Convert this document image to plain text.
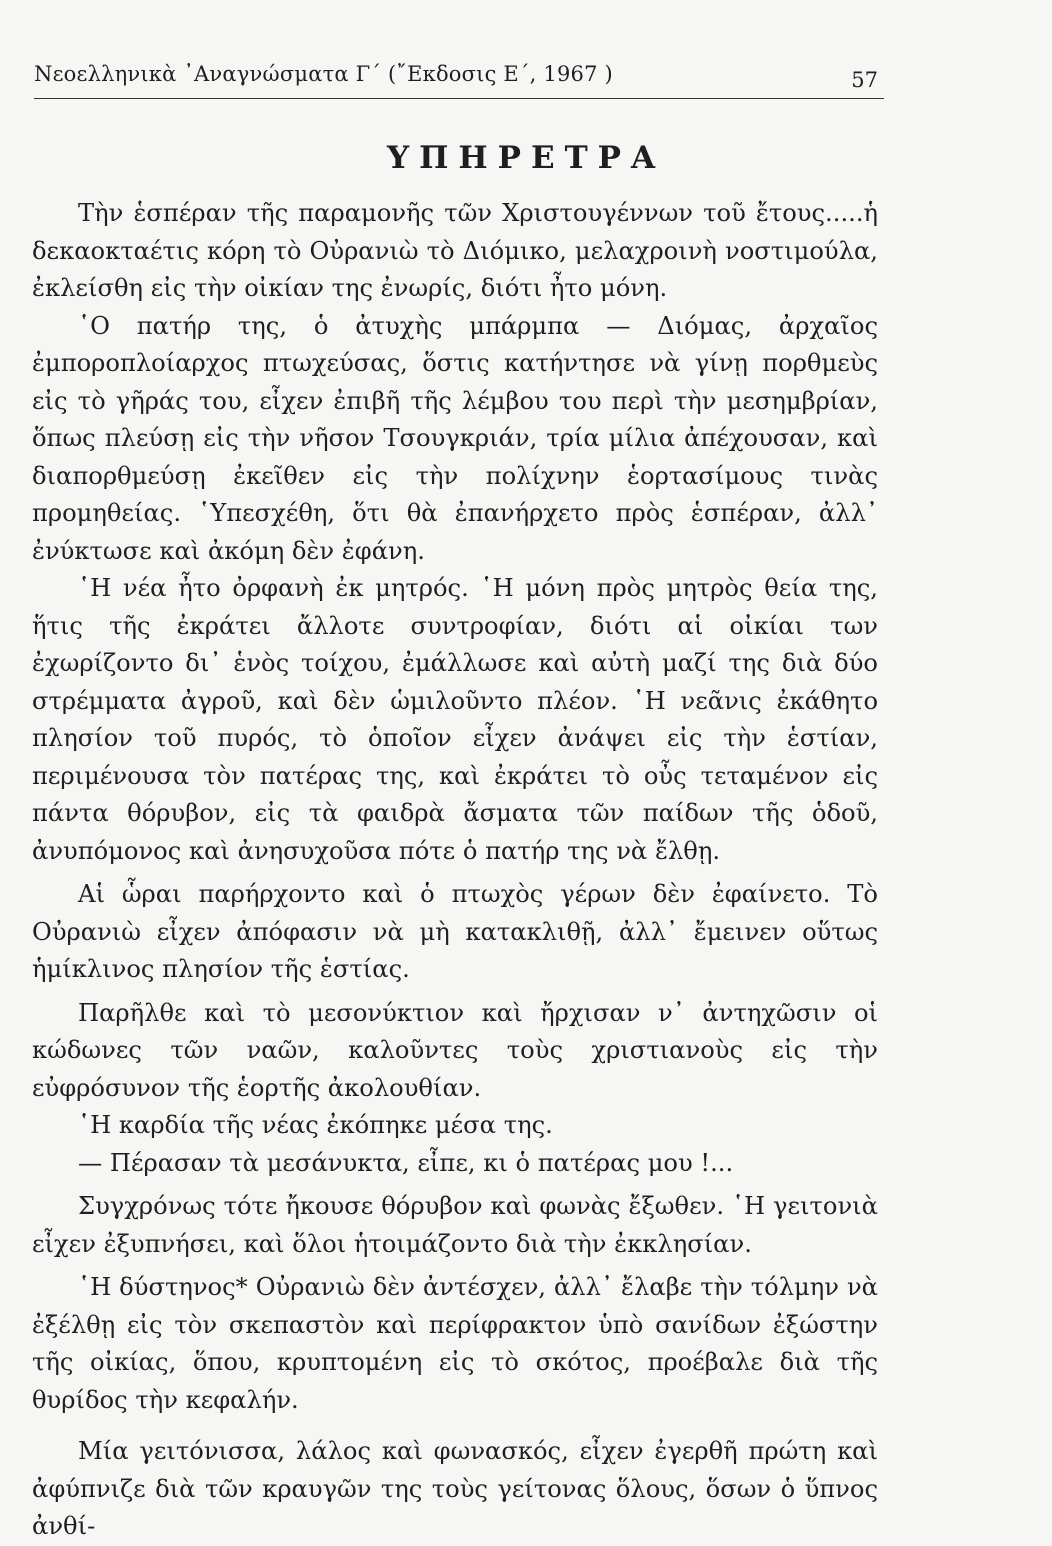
Νεοελληνικὰ ᾽Αναγνώσματα Γ΄ (῎Εκδοσις Ε΄, 1967 )	57
ΥΠΗΡΕΤΡΑ

Τὴν ἑσπέραν τῆς παραμονῆς τῶν Χριστουγέννων τοῦ ἔτους.....ἡ δεκαοκταέτις κόρη τὸ Οὐρανιὼ τὸ Διόμικο, μελαχροινὴ νοστιμούλα, ἐκλείσθη εἰς τὴν οἰκίαν της ἐνωρίς, διότι ἦτο μόνη.

῾Ο πατήρ της, ὁ ἀτυχὴς μπάρμπα — Διόμας, ἀρχαῖος ἐμποροπλοίαρχος πτωχεύσας, ὅστις κατήντησε νὰ γίνῃ πορθμεὺς εἰς τὸ γῆράς του, εἶχεν ἐπιβῆ τῆς λέμβου του περὶ τὴν μεσημβρίαν, ὅπως πλεύσῃ εἰς τὴν νῆσον Τσουγκριάν, τρία μίλια ἀπέχουσαν, καὶ διαπορθμεύσῃ ἐκεῖθεν εἰς τὴν πολίχνην ἑορτασίμους τινὰς προμηθείας. ῾Υπεσχέθη, ὅτι θὰ ἐπανήρχετο πρὸς ἑσπέραν, ἀλλ᾽ ἐνύκτωσε καὶ ἀκόμη δὲν ἐφάνη.

῾Η νέα ἦτο ὀρφανὴ ἐκ μητρός. ῾Η μόνη πρὸς μητρὸς θεία της, ἥτις τῆς ἐκράτει ἄλλοτε συντροφίαν, διότι αἱ οἰκίαι των ἐχωρίζοντο δι᾽ ἑνὸς τοίχου, ἐμάλλωσε καὶ αὐτὴ μαζί της διὰ δύο στρέμματα ἀγροῦ, καὶ δὲν ὡμιλοῦντο πλέον. ῾Η νεᾶνις ἐκάθητο πλησίον τοῦ πυρός, τὸ ὁποῖον εἶχεν ἀνάψει εἰς τὴν ἑστίαν, περιμένουσα τὸν πατέρας της, καὶ ἐκράτει τὸ οὖς τεταμένον εἰς πάντα θόρυβον, εἰς τὰ φαιδρὰ ἄσματα τῶν παίδων τῆς ὁδοῦ, ἀνυπόμονος καὶ ἀνησυχοῦσα πότε ὁ πατήρ της νὰ ἔλθῃ.

Αἱ ὧραι παρήρχοντο καὶ ὁ πτωχὸς γέρων δὲν ἐφαίνετο. Τὸ Οὐρανιὼ εἶχεν ἀπόφασιν νὰ μὴ κατακλιθῇ, ἀλλ᾽ ἔμεινεν οὕτως ἡμίκλινος πλησίον τῆς ἑστίας.

Παρῆλθε καὶ τὸ μεσονύκτιον καὶ ἤρχισαν ν᾽ ἀντηχῶσιν οἱ κώδωνες τῶν ναῶν, καλοῦντες τοὺς χριστιανοὺς εἰς τὴν εὐφρόσυνον τῆς ἑορτῆς ἀκολουθίαν.

῾Η καρδία τῆς νέας ἐκόπηκε μέσα της.

— Πέρασαν τὰ μεσάνυκτα, εἶπε, κι ὁ πατέρας μου !...

Συγχρόνως τότε ἤκουσε θόρυβον καὶ φωνὰς ἔξωθεν. ῾Η γειτονιὰ εἶχεν ἐξυπνήσει, καὶ ὅλοι ἡτοιμάζοντο διὰ τὴν ἐκκλησίαν.

῾Η δύστηνος* Οὐρανιὼ δὲν ἀντέσχεν, ἀλλ᾽ ἔλαβε τὴν τόλμην νὰ ἐξέλθῃ εἰς τὸν σκεπαστὸν καὶ περίφρακτον ὑπὸ σανίδων ἐξώστην τῆς οἰκίας, ὅπου, κρυπτομένη εἰς τὸ σκότος, προέβαλε διὰ τῆς θυρίδος τὴν κεφαλήν.

Μία γειτόνισσα, λάλος καὶ φωνασκός, εἶχεν ἐγερθῆ πρώτη καὶ ἀφύπνιζε διὰ τῶν κραυγῶν της τοὺς γείτονας ὅλους, ὅσων ὁ ὕπνος ἀνθί-
